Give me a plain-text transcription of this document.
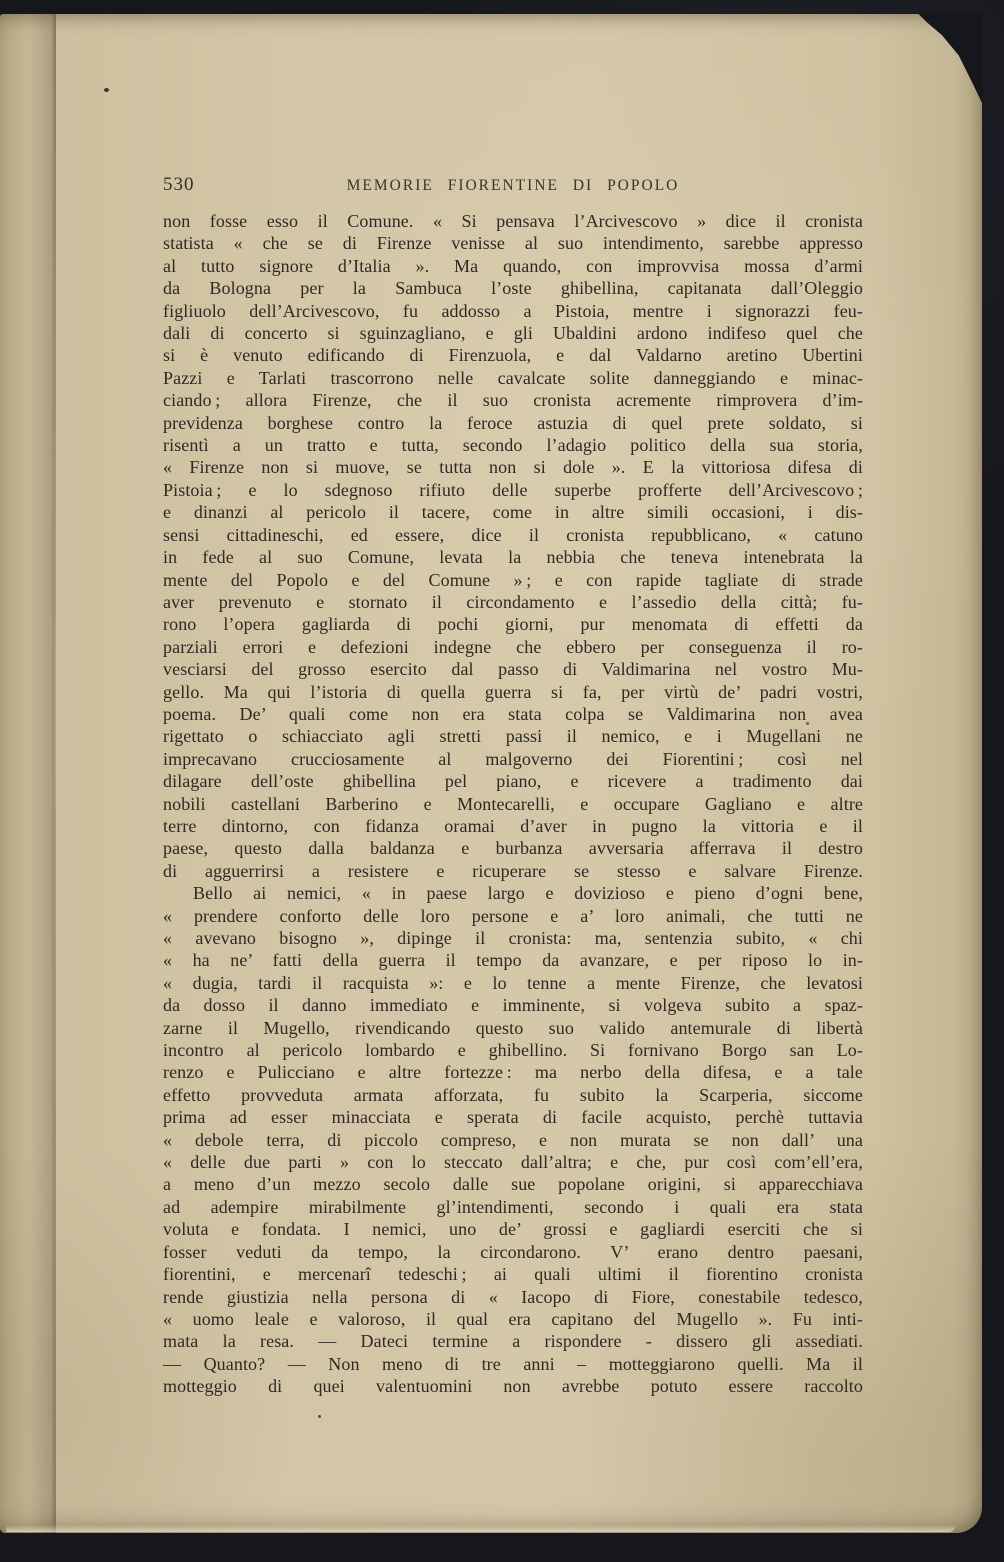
530	MEMORIE FIORENTINE DI POPOLO
non fosse esso il Comune. « Si pensava l’Arcivescovo » dice il cronista
statista « che se di Firenze venisse al suo intendimento, sarebbe appresso
al tutto signore d’Italia ». Ma quando, con improvvisa mossa d’armi
da Bologna per la Sambuca l’oste ghibellina, capitanata dall’Oleggio
figliuolo dell’Arcivescovo, fu addosso a Pistoia, mentre i signorazzi feu-
dali di concerto si sguinzagliano, e gli Ubaldini ardono indifeso quel che
si è venuto edificando di Firenzuola, e dal Valdarno aretino Ubertini
Pazzi e Tarlati trascorrono nelle cavalcate solite danneggiando e minac-
ciando ; allora Firenze, che il suo cronista acremente rimprovera d’im-
previdenza borghese contro la feroce astuzia di quel prete soldato, si
risentì a un tratto e tutta, secondo l’adagio politico della sua storia,
« Firenze non si muove, se tutta non si dole ». E la vittoriosa difesa di
Pistoia ; e lo sdegnoso rifiuto delle superbe profferte dell’Arcivescovo ;
e dinanzi al pericolo il tacere, come in altre simili occasioni, i dis-
sensi cittadineschi, ed essere, dice il cronista repubblicano, « catuno
in fede al suo Comune, levata la nebbia che teneva intenebrata la
mente del Popolo e del Comune » ; e con rapide tagliate di strade
aver prevenuto e stornato il circondamento e l’assedio della città; fu-
rono l’opera gagliarda di pochi giorni, pur menomata di effetti da
parziali errori e defezioni indegne che ebbero per conseguenza il ro-
vesciarsi del grosso esercito dal passo di Valdimarina nel vostro Mu-
gello. Ma qui l’istoria di quella guerra si fa, per virtù de’ padri vostri,
poema. De’ quali come non era stata colpa se Valdimarina non avea
rigettato o schiacciato agli stretti passi il nemico, e i Mugellani ne
imprecavano crucciosamente al malgoverno dei Fiorentini ; così nel
dilagare dell’oste ghibellina pel piano, e ricevere a tradimento dai
nobili castellani Barberino e Montecarelli, e occupare Gagliano e altre
terre dintorno, con fidanza oramai d’aver in pugno la vittoria e il
paese, questo dalla baldanza e burbanza avversaria afferrava il destro
di agguerrirsi a resistere e ricuperare se stesso e salvare Firenze.
Bello ai nemici, « in paese largo e dovizioso e pieno d’ogni bene,
« prendere conforto delle loro persone e a’ loro animali, che tutti ne
« avevano bisogno », dipinge il cronista: ma, sentenzia subito, « chi
« ha ne’ fatti della guerra il tempo da avanzare, e per riposo lo in-
« dugia, tardi il racquista »: e lo tenne a mente Firenze, che levatosi
da dosso il danno immediato e imminente, si volgeva subito a spaz-
zarne il Mugello, rivendicando questo suo valido antemurale di libertà
incontro al pericolo lombardo e ghibellino. Si fornivano Borgo san Lo-
renzo e Pulicciano e altre fortezze : ma nerbo della difesa, e a tale
effetto provveduta armata afforzata, fu subito la Scarperia, siccome
prima ad esser minacciata e sperata di facile acquisto, perchè tuttavia
« debole terra, di piccolo compreso, e non murata se non dall’ una
« delle due parti » con lo steccato dall’altra; e che, pur così com’ell’era,
a meno d’un mezzo secolo dalle sue popolane origini, si apparecchiava
ad adempire mirabilmente gl’intendimenti, secondo i quali era stata
voluta e fondata. I nemici, uno de’ grossi e gagliardi eserciti che si
fosser veduti da tempo, la circondarono. V’ erano dentro paesani,
fiorentini, e mercenarî tedeschi ; ai quali ultimi il fiorentino cronista
rende giustizia nella persona di « Iacopo di Fiore, conestabile tedesco,
« uomo leale e valoroso, il qual era capitano del Mugello ». Fu inti-
mata la resa. — Dateci termine a rispondere - dissero gli assediati.
— Quanto? — Non meno di tre anni – motteggiarono quelli. Ma il
motteggio di quei valentuomini non avrebbe potuto essere raccolto
